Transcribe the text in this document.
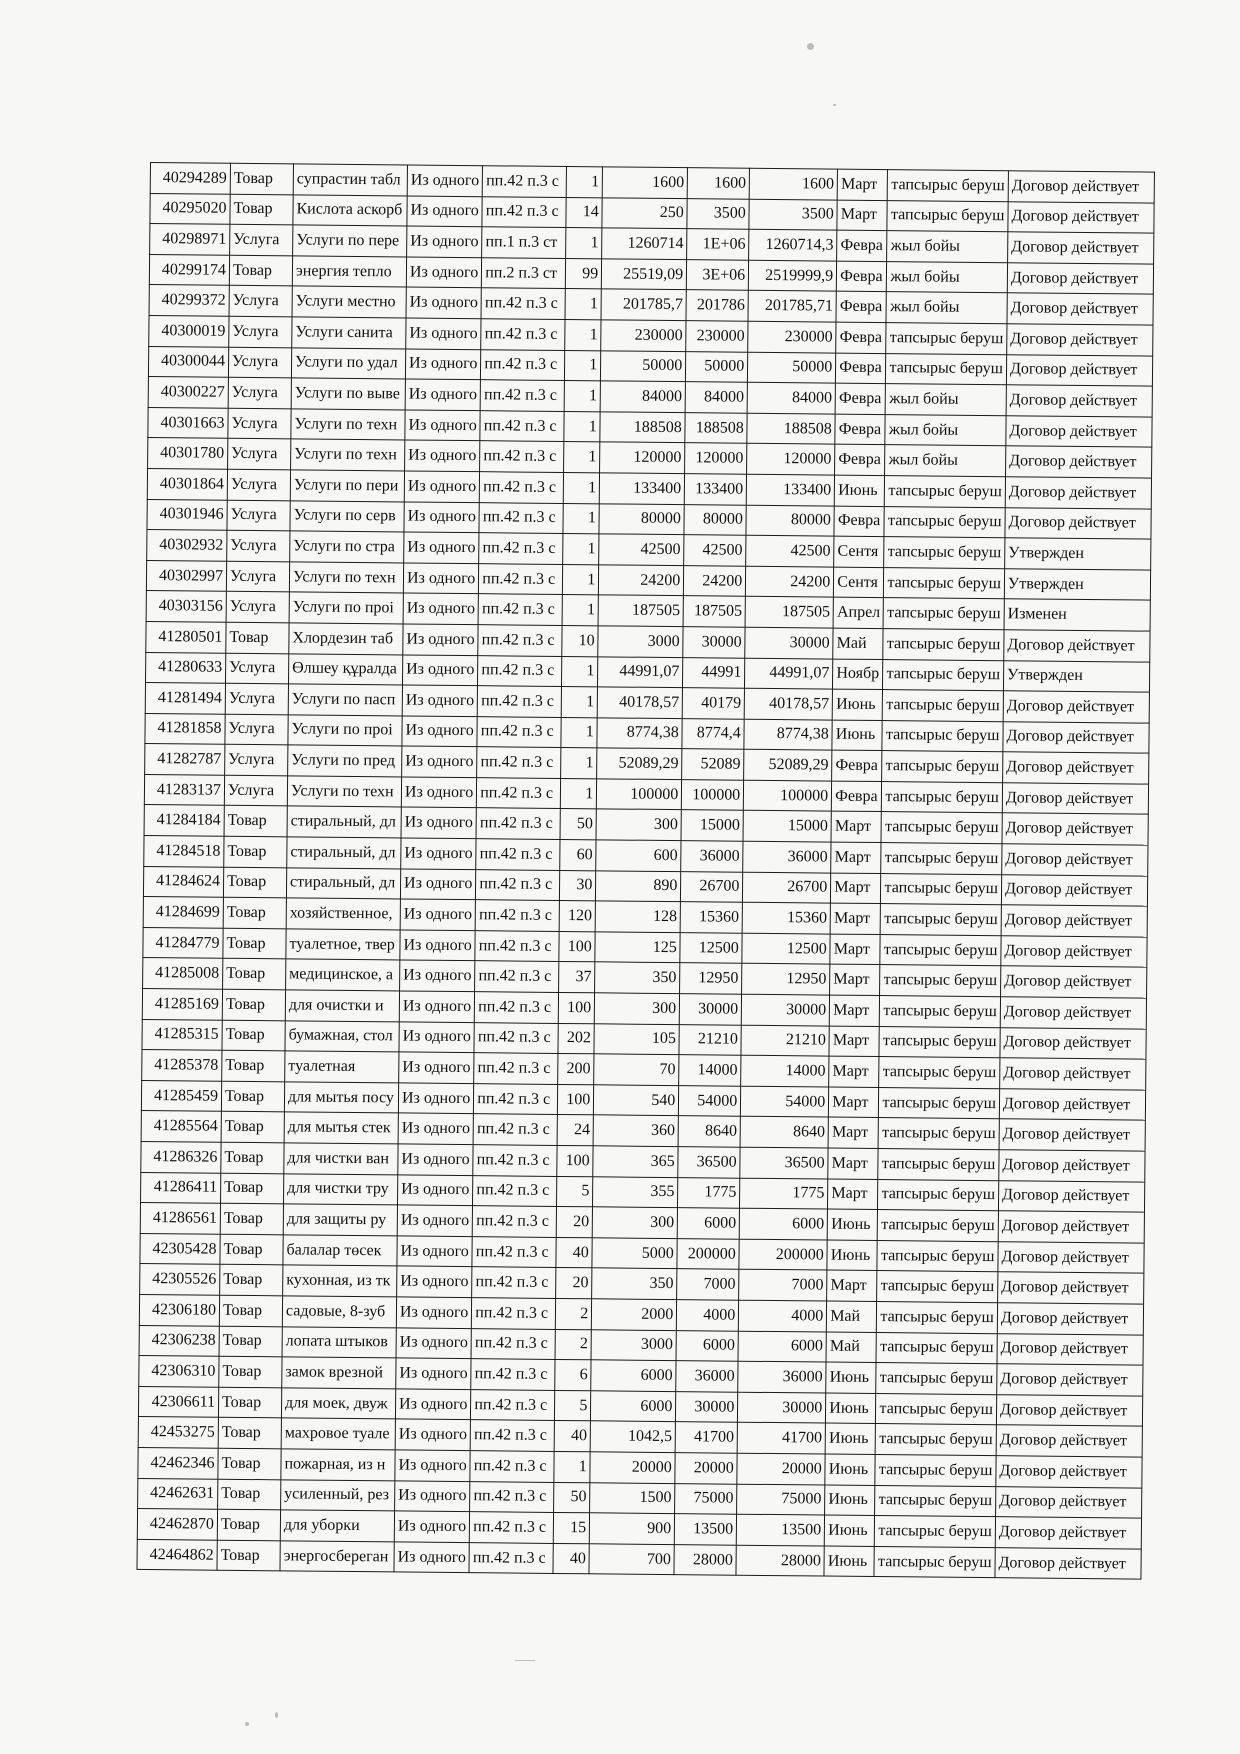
40294289	Товар	супрастин табл	Из одного	пп.42 п.3 с	1	1600	1600	1600	Март	тапсырыс беруш	Договор действует
40295020	Товар	Кислота аскорб	Из одного	пп.42 п.3 с	14	250	3500	3500	Март	тапсырыс беруш	Договор действует
40298971	Услуга	Услуги по пере	Из одного	пп.1 п.3 ст	1	1260714	1E+06	1260714,3	Февра	жыл бойы	Договор действует
40299174	Товар	энергия тепло	Из одного	пп.2 п.3 ст	99	25519,09	3E+06	2519999,9	Февра	жыл бойы	Договор действует
40299372	Услуга	Услуги местно	Из одного	пп.42 п.3 с	1	201785,7	201786	201785,71	Февра	жыл бойы	Договор действует
40300019	Услуга	Услуги санита	Из одного	пп.42 п.3 с	1	230000	230000	230000	Февра	тапсырыс беруш	Договор действует
40300044	Услуга	Услуги по удал	Из одного	пп.42 п.3 с	1	50000	50000	50000	Февра	тапсырыс беруш	Договор действует
40300227	Услуга	Услуги по выве	Из одного	пп.42 п.3 с	1	84000	84000	84000	Февра	жыл бойы	Договор действует
40301663	Услуга	Услуги по техн	Из одного	пп.42 п.3 с	1	188508	188508	188508	Февра	жыл бойы	Договор действует
40301780	Услуга	Услуги по техн	Из одного	пп.42 п.3 с	1	120000	120000	120000	Февра	жыл бойы	Договор действует
40301864	Услуга	Услуги по пери	Из одного	пп.42 п.3 с	1	133400	133400	133400	Июнь	тапсырыс беруш	Договор действует
40301946	Услуга	Услуги по серв	Из одного	пп.42 п.3 с	1	80000	80000	80000	Февра	тапсырыс беруш	Договор действует
40302932	Услуга	Услуги по стра	Из одного	пп.42 п.3 с	1	42500	42500	42500	Сентя	тапсырыс беруш	Утвержден
40302997	Услуга	Услуги по техн	Из одного	пп.42 п.3 с	1	24200	24200	24200	Сентя	тапсырыс беруш	Утвержден
40303156	Услуга	Услуги по проі	Из одного	пп.42 п.3 с	1	187505	187505	187505	Апрел	тапсырыс беруш	Изменен
41280501	Товар	Хлордезин таб	Из одного	пп.42 п.3 с	10	3000	30000	30000	Май	тапсырыс беруш	Договор действует
41280633	Услуга	Өлшеу құралда	Из одного	пп.42 п.3 с	1	44991,07	44991	44991,07	Ноябр	тапсырыс беруш	Утвержден
41281494	Услуга	Услуги по пасп	Из одного	пп.42 п.3 с	1	40178,57	40179	40178,57	Июнь	тапсырыс беруш	Договор действует
41281858	Услуга	Услуги по проі	Из одного	пп.42 п.3 с	1	8774,38	8774,4	8774,38	Июнь	тапсырыс беруш	Договор действует
41282787	Услуга	Услуги по пред	Из одного	пп.42 п.3 с	1	52089,29	52089	52089,29	Февра	тапсырыс беруш	Договор действует
41283137	Услуга	Услуги по техн	Из одного	пп.42 п.3 с	1	100000	100000	100000	Февра	тапсырыс беруш	Договор действует
41284184	Товар	стиральный, дл	Из одного	пп.42 п.3 с	50	300	15000	15000	Март	тапсырыс беруш	Договор действует
41284518	Товар	стиральный, дл	Из одного	пп.42 п.3 с	60	600	36000	36000	Март	тапсырыс беруш	Договор действует
41284624	Товар	стиральный, дл	Из одного	пп.42 п.3 с	30	890	26700	26700	Март	тапсырыс беруш	Договор действует
41284699	Товар	хозяйственное,	Из одного	пп.42 п.3 с	120	128	15360	15360	Март	тапсырыс беруш	Договор действует
41284779	Товар	туалетное, твер	Из одного	пп.42 п.3 с	100	125	12500	12500	Март	тапсырыс беруш	Договор действует
41285008	Товар	медицинское, а	Из одного	пп.42 п.3 с	37	350	12950	12950	Март	тапсырыс беруш	Договор действует
41285169	Товар	для очистки и	Из одного	пп.42 п.3 с	100	300	30000	30000	Март	тапсырыс беруш	Договор действует
41285315	Товар	бумажная, стол	Из одного	пп.42 п.3 с	202	105	21210	21210	Март	тапсырыс беруш	Договор действует
41285378	Товар	туалетная	Из одного	пп.42 п.3 с	200	70	14000	14000	Март	тапсырыс беруш	Договор действует
41285459	Товар	для мытья посу	Из одного	пп.42 п.3 с	100	540	54000	54000	Март	тапсырыс беруш	Договор действует
41285564	Товар	для мытья стек	Из одного	пп.42 п.3 с	24	360	8640	8640	Март	тапсырыс беруш	Договор действует
41286326	Товар	для чистки ван	Из одного	пп.42 п.3 с	100	365	36500	36500	Март	тапсырыс беруш	Договор действует
41286411	Товар	для чистки тру	Из одного	пп.42 п.3 с	5	355	1775	1775	Март	тапсырыс беруш	Договор действует
41286561	Товар	для защиты ру	Из одного	пп.42 п.3 с	20	300	6000	6000	Июнь	тапсырыс беруш	Договор действует
42305428	Товар	балалар төсек	Из одного	пп.42 п.3 с	40	5000	200000	200000	Июнь	тапсырыс беруш	Договор действует
42305526	Товар	кухонная, из тк	Из одного	пп.42 п.3 с	20	350	7000	7000	Март	тапсырыс беруш	Договор действует
42306180	Товар	садовые, 8-зуб	Из одного	пп.42 п.3 с	2	2000	4000	4000	Май	тапсырыс беруш	Договор действует
42306238	Товар	лопата штыков	Из одного	пп.42 п.3 с	2	3000	6000	6000	Май	тапсырыс беруш	Договор действует
42306310	Товар	замок врезной	Из одного	пп.42 п.3 с	6	6000	36000	36000	Июнь	тапсырыс беруш	Договор действует
42306611	Товар	для моек, двуж	Из одного	пп.42 п.3 с	5	6000	30000	30000	Июнь	тапсырыс беруш	Договор действует
42453275	Товар	махровое туале	Из одного	пп.42 п.3 с	40	1042,5	41700	41700	Июнь	тапсырыс беруш	Договор действует
42462346	Товар	пожарная, из н	Из одного	пп.42 п.3 с	1	20000	20000	20000	Июнь	тапсырыс беруш	Договор действует
42462631	Товар	усиленный, рез	Из одного	пп.42 п.3 с	50	1500	75000	75000	Июнь	тапсырыс беруш	Договор действует
42462870	Товар	для уборки	Из одного	пп.42 п.3 с	15	900	13500	13500	Июнь	тапсырыс беруш	Договор действует
42464862	Товар	энергосбереган	Из одного	пп.42 п.3 с	40	700	28000	28000	Июнь	тапсырыс беруш	Договор действует
